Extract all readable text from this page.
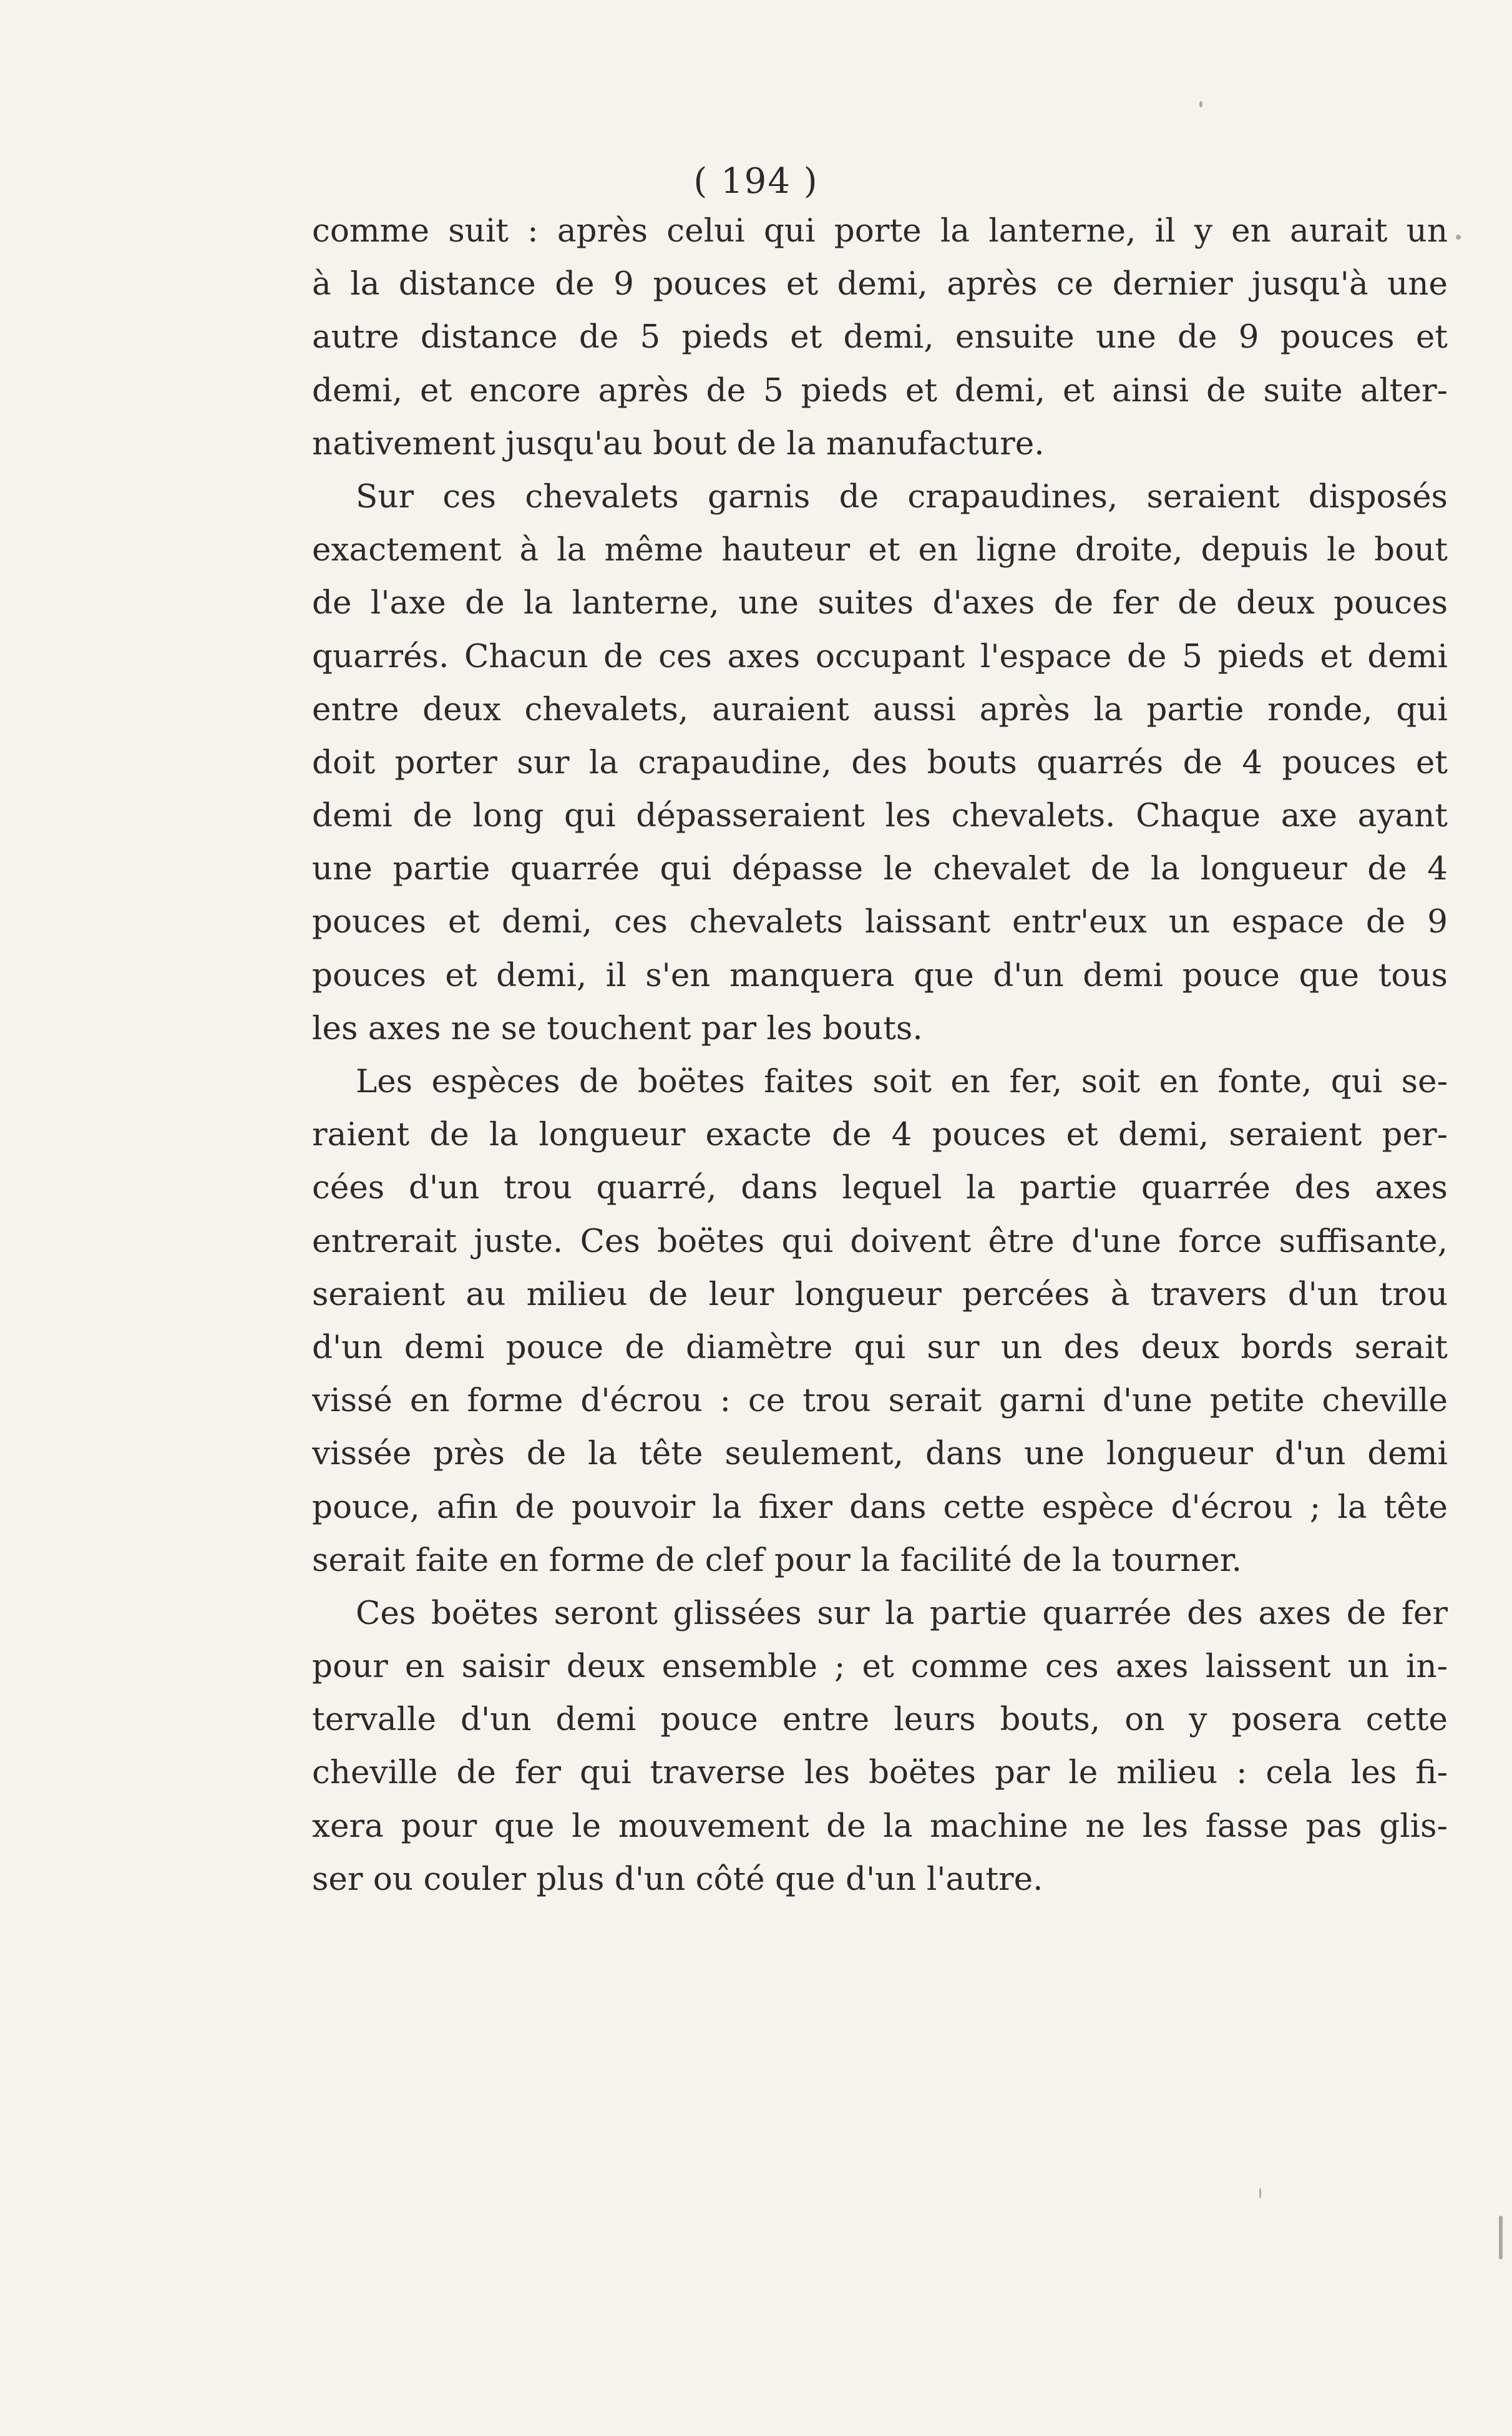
( 194 )
comme suit : après celui qui porte la lanterne, il y en aurait un
à la distance de 9 pouces et demi, après ce dernier jusqu'à une
autre distance de 5 pieds et demi, ensuite une de 9 pouces et
demi, et encore après de 5 pieds et demi, et ainsi de suite alter-
nativement jusqu'au bout de la manufacture.
Sur ces chevalets garnis de crapaudines, seraient disposés
exactement à la même hauteur et en ligne droite, depuis le bout
de l'axe de la lanterne, une suites d'axes de fer de deux pouces
quarrés. Chacun de ces axes occupant l'espace de 5 pieds et demi
entre deux chevalets, auraient aussi après la partie ronde, qui
doit porter sur la crapaudine, des bouts quarrés de 4 pouces et
demi de long qui dépasseraient les chevalets. Chaque axe ayant
une partie quarrée qui dépasse le chevalet de la longueur de 4
pouces et demi, ces chevalets laissant entr'eux un espace de 9
pouces et demi, il s'en manquera que d'un demi pouce que tous
les axes ne se touchent par les bouts.
Les espèces de boëtes faites soit en fer, soit en fonte, qui se-
raient de la longueur exacte de 4 pouces et demi, seraient per-
cées d'un trou quarré, dans lequel la partie quarrée des axes
entrerait juste. Ces boëtes qui doivent être d'une force suffisante,
seraient au milieu de leur longueur percées à travers d'un trou
d'un demi pouce de diamètre qui sur un des deux bords serait
vissé en forme d'écrou : ce trou serait garni d'une petite cheville
vissée près de la tête seulement, dans une longueur d'un demi
pouce, afin de pouvoir la fixer dans cette espèce d'écrou ; la tête
serait faite en forme de clef pour la facilité de la tourner.
Ces boëtes seront glissées sur la partie quarrée des axes de fer
pour en saisir deux ensemble ; et comme ces axes laissent un in-
tervalle d'un demi pouce entre leurs bouts, on y posera cette
cheville de fer qui traverse les boëtes par le milieu : cela les fi-
xera pour que le mouvement de la machine ne les fasse pas glis-
ser ou couler plus d'un côté que d'un l'autre.
